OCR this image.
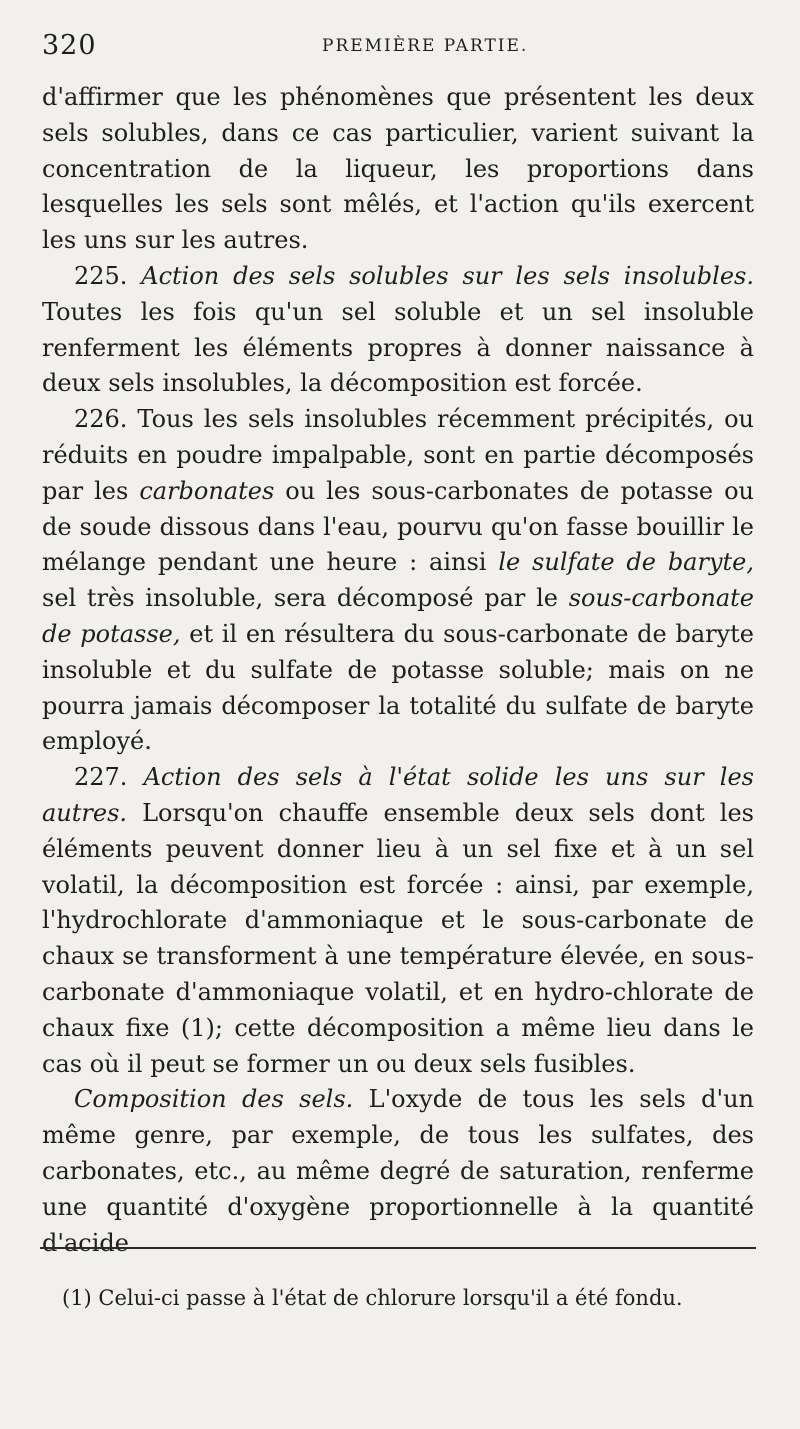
320	PREMIÈRE PARTIE.

d'affirmer que les phénomènes que présentent les deux sels solubles, dans ce cas particulier, varient suivant la concentration de la liqueur, les proportions dans lesquelles les sels sont mêlés, et l'action qu'ils exercent les uns sur les autres.

225. Action des sels solubles sur les sels insolubles. Toutes les fois qu'un sel soluble et un sel insoluble renferment les éléments propres à donner naissance à deux sels insolubles, la décomposition est forcée.

226. Tous les sels insolubles récemment précipités, ou réduits en poudre impalpable, sont en partie décomposés par les carbonates ou les sous-carbonates de potasse ou de soude dissous dans l'eau, pourvu qu'on fasse bouillir le mélange pendant une heure : ainsi le sulfate de baryte, sel très insoluble, sera décomposé par le sous-carbonate de potasse, et il en résultera du sous-carbonate de baryte insoluble et du sulfate de potasse soluble; mais on ne pourra jamais décomposer la totalité du sulfate de baryte employé.

227. Action des sels à l'état solide les uns sur les autres. Lorsqu'on chauffe ensemble deux sels dont les éléments peuvent donner lieu à un sel fixe et à un sel volatil, la décomposition est forcée : ainsi, par exemple, l'hydrochlorate d'ammoniaque et le sous-carbonate de chaux se transforment à une température élevée, en sous-carbonate d'ammoniaque volatil, et en hydro-chlorate de chaux fixe (1); cette décomposition a même lieu dans le cas où il peut se former un ou deux sels fusibles.

Composition des sels. L'oxyde de tous les sels d'un même genre, par exemple, de tous les sulfates, des carbonates, etc., au même degré de saturation, renferme une quantité d'oxygène proportionnelle à la quantité d'acide

(1) Celui-ci passe à l'état de chlorure lorsqu'il a été fondu.
